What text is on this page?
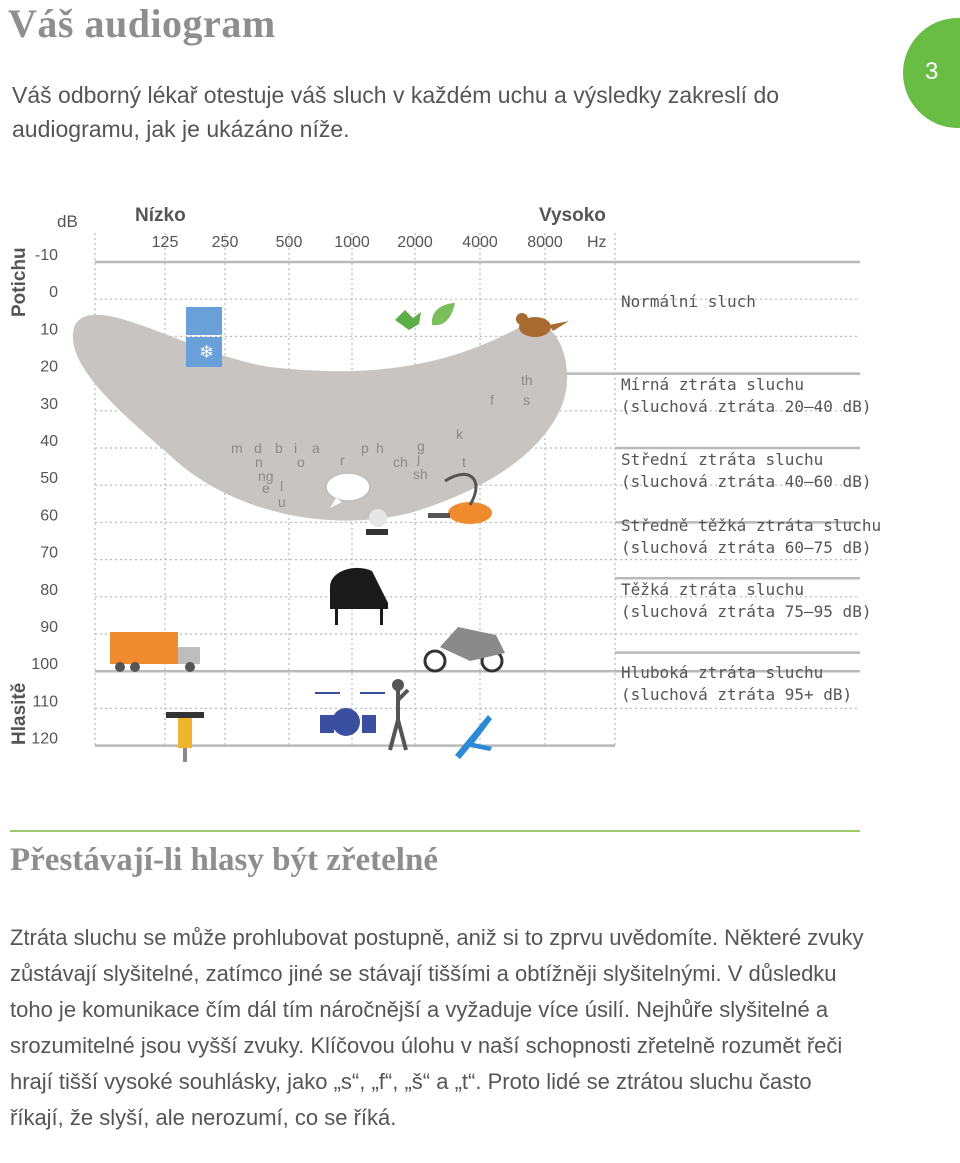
Váš audiogram
3
Váš odborný lékař otestuje váš sluch v každém uchu a výsledky zakreslí do audiogramu, jak je ukázáno níže.
Normální sluch
Mírná ztráta sluchu (sluchová ztráta 20–40 dB)
Střední ztráta sluchu (sluchová ztráta 40–60 dB)
Středně těžká ztráta sluchu (sluchová ztráta 60–75 dB)
Těžká ztráta sluchu (sluchová ztráta 75–95 dB)
Hluboká ztráta sluchu (sluchová ztráta 95+ dB)
dB	Nízko	Vysoko
Hz
Potichu
Hlasitě
125 250 500 1000 2000 4000 8000
-10
0
10
20
30
40
50
60
70
80
90
100
110
120
m d b i a
n o	r
ng
e l
u
p h
ch
g
j
sh
k
f s
th
t
❄
Přestávají-li hlasy být zřetelné

Ztráta sluchu se může prohlubovat postupně, aniž si to zprvu uvědomíte. Některé zvuky zůstávají slyšitelné, zatímco jiné se stávají tiššími a obtížněji slyšitelnými. V důsledku toho je komunikace čím dál tím náročnější a vyžaduje více úsilí. Nejhůře slyšitelné a srozumitelné jsou vyšší zvuky. Klíčovou úlohu v naší schopnosti zřetelně rozumět řeči hrají tišší vysoké souhlásky, jako „s“, „f“, „š“ a „t“. Proto lidé se ztrátou sluchu často říkají, že slyší, ale nerozumí, co se říká.
